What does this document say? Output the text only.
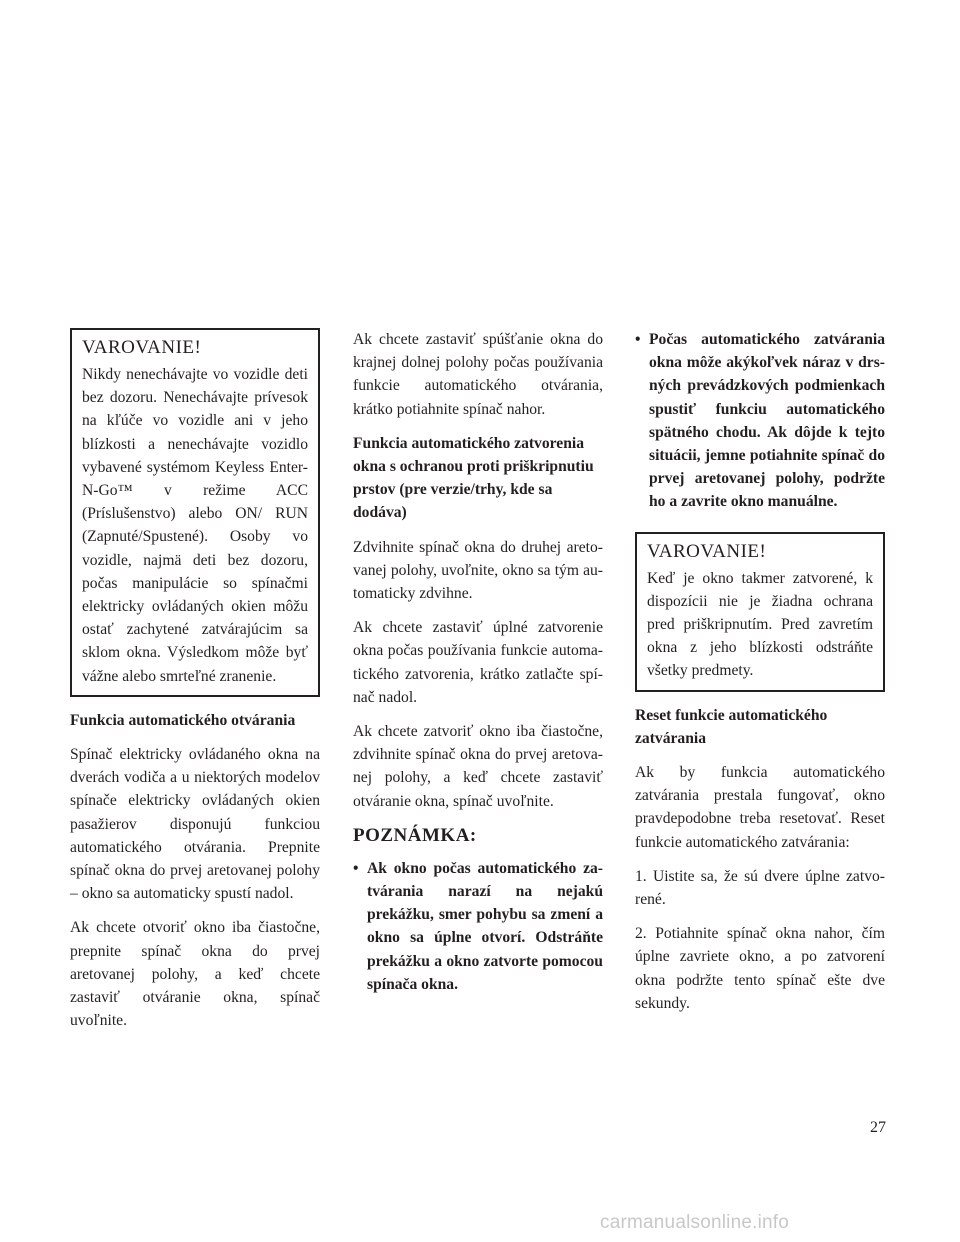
VAROVANIE!
Nikdy nenechávajte vo vozidle deti bez dozoru. Nenechávajte prívesok na kľúče vo vozidle ani v jeho blízkosti a nenechávajte vozidlo vybavené systémom Keyless Enter-N-Go™ v režime ACC (Príslušenstvo) alebo ON/ RUN (Zapnuté/Spustené). Osoby vo vozidle, najmä deti bez dozoru, počas manipulácie so spínačmi elektricky ovládaných okien môžu ostať zachytené zatvárajúcim sa sklom okna. Výsledkom môže byť vážne alebo smrteľné zranenie.
Funkcia automatického otvárania

Spínač elektricky ovládaného okna na dverách vodiča a u niektorých modelov spínače elektricky ovládaných okien pasažierov disponujú funkciou automatického otvárania. Prepnite spínač okna do prvej aretovanej polohy – okno sa automaticky spustí nadol.

Ak chcete otvoriť okno iba čiastočne, prepnite spínač okna do prvej aretovanej polohy, a keď chcete zastaviť otváranie okna, spínač uvoľnite.

Ak chcete zastaviť spúšťanie okna do krajnej dolnej polohy počas používania funkcie automatického otvárania, krátko potiahnite spínač nahor.

Funkcia automatického zatvorenia okna s ochranou proti priškripnutiu prstov (pre verzie/trhy, kde sa dodáva)

Zdvihnite spínač okna do druhej aretovanej polohy, uvoľnite, okno sa tým automaticky zdvihne.

Ak chcete zastaviť úplné zatvorenie okna počas používania funkcie automatického zatvorenia, krátko zatlačte spínač nadol.

Ak chcete zatvoriť okno iba čiastočne, zdvihnite spínač okna do prvej aretovanej polohy, a keď chcete zastaviť otváranie okna, spínač uvoľnite.

POZNÁMKA:
• Ak okno počas automatického zatvárania narazí na nejakú prekážku, smer pohybu sa zmení a okno sa úplne otvorí. Odstráňte prekážku a okno zatvorte pomocou spínača okna.
• Počas automatického zatvárania okna môže akýkoľvek náraz v drsných prevádzkových podmienkach spustiť funkciu automatického spätného chodu. Ak dôjde k tejto situácii, jemne potiahnite spínač do prvej aretovanej polohy, podržte ho a zavrite okno manuálne.
VAROVANIE!
Keď je okno takmer zatvorené, k dispozícii nie je žiadna ochrana pred priškripnutím. Pred zavretím okna z jeho blízkosti odstráňte všetky predmety.
Reset funkcie automatického zatvárania

Ak by funkcia automatického zatvárania prestala fungovať, okno pravdepodobne treba resetovať. Reset funkcie automatického zatvárania:

1. Uistite sa, že sú dvere úplne zatvorené.

2. Potiahnite spínač okna nahor, čím úplne zavriete okno, a po zatvorení okna podržte tento spínač ešte dve sekundy.

27
carmanualsonline.info
